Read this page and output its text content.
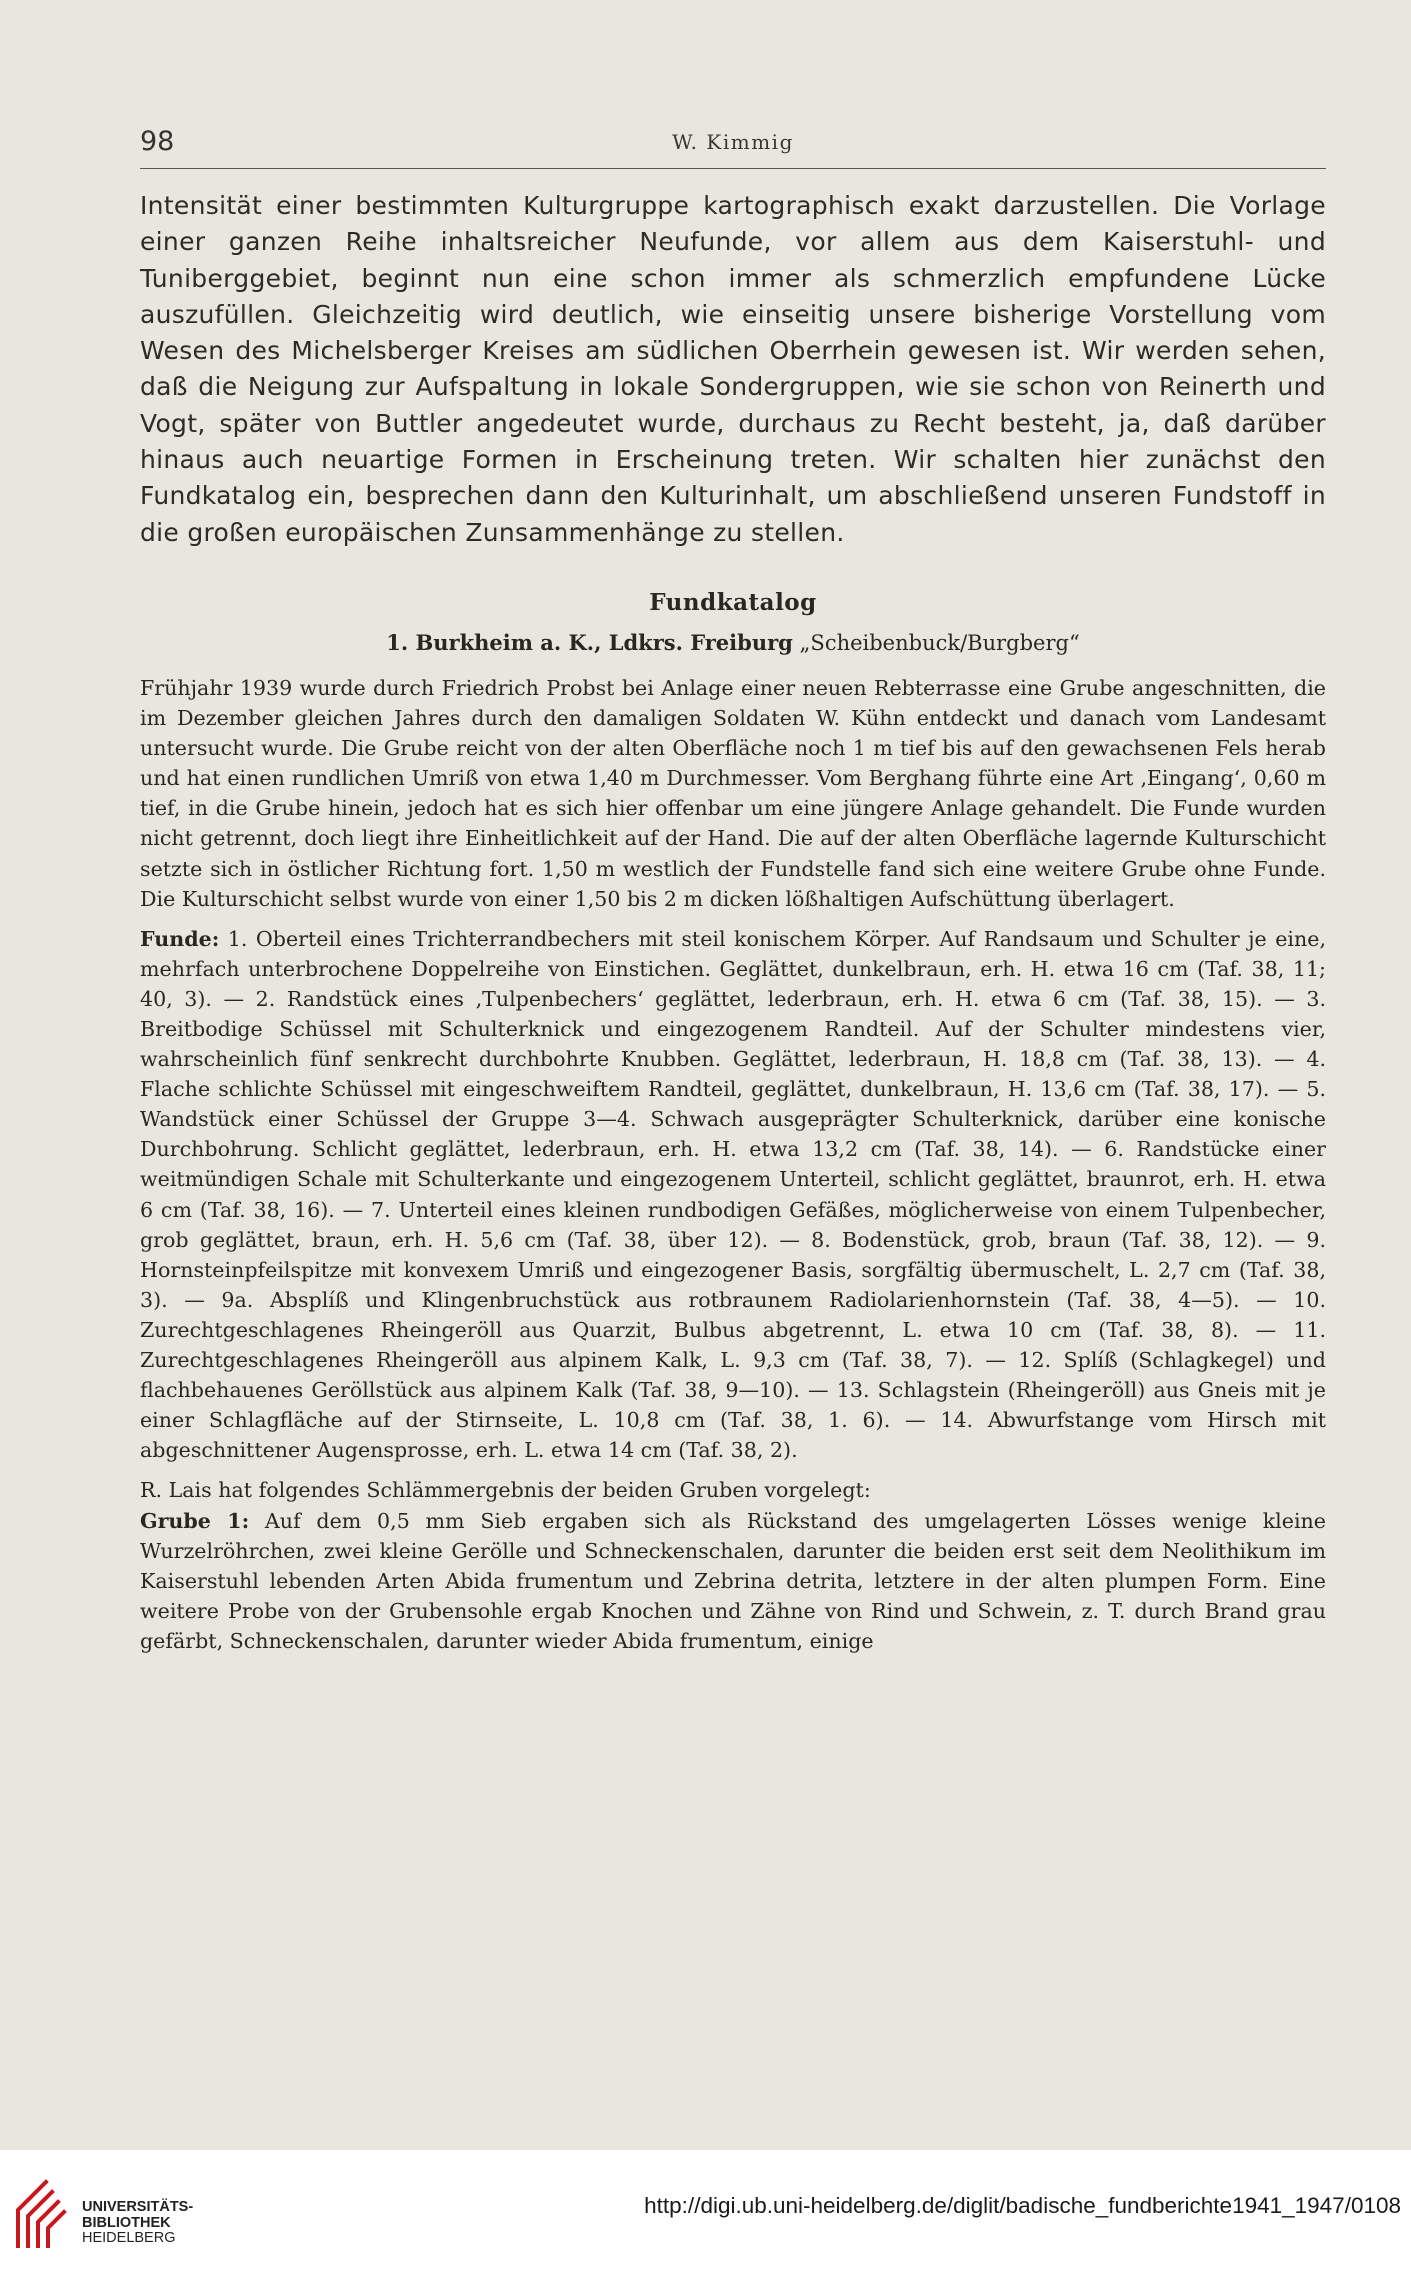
98	W. Kimmig

Intensität einer bestimmten Kulturgruppe kartographisch exakt darzustellen. Die Vorlage einer ganzen Reihe inhaltsreicher Neufunde, vor allem aus dem Kaiserstuhl- und Tuniberggebiet, beginnt nun eine schon immer als schmerzlich empfundene Lücke auszufüllen. Gleichzeitig wird deutlich, wie einseitig unsere bisherige Vorstellung vom Wesen des Michelsberger Kreises am südlichen Oberrhein gewesen ist. Wir werden sehen, daß die Neigung zur Aufspaltung in lokale Sondergruppen, wie sie schon von Reinerth und Vogt, später von Buttler angedeutet wurde, durchaus zu Recht besteht, ja, daß darüber hinaus auch neuartige Formen in Erscheinung treten. Wir schalten hier zunächst den Fundkatalog ein, besprechen dann den Kulturinhalt, um abschließend unseren Fundstoff in die großen europäischen Zunsammenhänge zu stellen.

Fundkatalog
1. Burkheim a. K., Ldkrs. Freiburg „Scheibenbuck/Burgberg“

Frühjahr 1939 wurde durch Friedrich Probst bei Anlage einer neuen Rebterrasse eine Grube angeschnitten, die im Dezember gleichen Jahres durch den damaligen Soldaten W. Kühn entdeckt und danach vom Landesamt untersucht wurde. Die Grube reicht von der alten Oberfläche noch 1 m tief bis auf den gewachsenen Fels herab und hat einen rundlichen Umriß von etwa 1,40 m Durchmesser. Vom Berghang führte eine Art ‚Eingang‘, 0,60 m tief, in die Grube hinein, jedoch hat es sich hier offenbar um eine jüngere Anlage gehandelt. Die Funde wurden nicht getrennt, doch liegt ihre Einheitlichkeit auf der Hand. Die auf der alten Oberfläche lagernde Kulturschicht setzte sich in östlicher Richtung fort. 1,50 m westlich der Fundstelle fand sich eine weitere Grube ohne Funde. Die Kulturschicht selbst wurde von einer 1,50 bis 2 m dicken lößhaltigen Aufschüttung überlagert.

Funde: 1. Oberteil eines Trichterrandbechers mit steil konischem Körper. Auf Randsaum und Schulter je eine, mehrfach unterbrochene Doppelreihe von Einstichen. Geglättet, dunkelbraun, erh. H. etwa 16 cm (Taf. 38, 11; 40, 3). — 2. Randstück eines ‚Tulpenbechers‘ geglättet, lederbraun, erh. H. etwa 6 cm (Taf. 38, 15). — 3. Breitbodige Schüssel mit Schulterknick und eingezogenem Randteil. Auf der Schulter mindestens vier, wahrscheinlich fünf senkrecht durchbohrte Knubben. Geglättet, lederbraun, H. 18,8 cm (Taf. 38, 13). — 4. Flache schlichte Schüssel mit eingeschweiftem Randteil, geglättet, dunkelbraun, H. 13,6 cm (Taf. 38, 17). — 5. Wandstück einer Schüssel der Gruppe 3—4. Schwach ausgeprägter Schulterknick, darüber eine konische Durchbohrung. Schlicht geglättet, lederbraun, erh. H. etwa 13,2 cm (Taf. 38, 14). — 6. Randstücke einer weitmündigen Schale mit Schulterkante und eingezogenem Unterteil, schlicht geglättet, braunrot, erh. H. etwa 6 cm (Taf. 38, 16). — 7. Unterteil eines kleinen rundbodigen Gefäßes, möglicherweise von einem Tulpenbecher, grob geglättet, braun, erh. H. 5,6 cm (Taf. 38, über 12). — 8. Bodenstück, grob, braun (Taf. 38, 12). — 9. Hornsteinpfeilspitze mit konvexem Umriß und eingezogener Basis, sorgfältig übermuschelt, L. 2,7 cm (Taf. 38, 3). — 9a. Absplíß und Klingenbruchstück aus rotbraunem Radiolarienhornstein (Taf. 38, 4—5). — 10. Zurechtgeschlagenes Rheingeröll aus Quarzit, Bulbus abgetrennt, L. etwa 10 cm (Taf. 38, 8). — 11. Zurechtgeschlagenes Rheingeröll aus alpinem Kalk, L. 9,3 cm (Taf. 38, 7). — 12. Splíß (Schlagkegel) und flachbehauenes Geröllstück aus alpinem Kalk (Taf. 38, 9—10). — 13. Schlagstein (Rheingeröll) aus Gneis mit je einer Schlagfläche auf der Stirnseite, L. 10,8 cm (Taf. 38, 1. 6). — 14. Abwurfstange vom Hirsch mit abgeschnittener Augensprosse, erh. L. etwa 14 cm (Taf. 38, 2).

R. Lais hat folgendes Schlämmergebnis der beiden Gruben vorgelegt:

Grube 1: Auf dem 0,5 mm Sieb ergaben sich als Rückstand des umgelagerten Lösses wenige kleine Wurzelröhrchen, zwei kleine Gerölle und Schneckenschalen, darunter die beiden erst seit dem Neolithikum im Kaiserstuhl lebenden Arten Abida frumentum und Zebrina detrita, letztere in der alten plumpen Form. Eine weitere Probe von der Grubensohle ergab Knochen und Zähne von Rind und Schwein, z. T. durch Brand grau gefärbt, Schneckenschalen, darunter wieder Abida frumentum, einige

UNIVERSITÄTS-
BIBLIOTHEK
HEIDELBERG
http://digi.ub.uni-heidelberg.de/diglit/badische_fundberichte1941_1947/0108
